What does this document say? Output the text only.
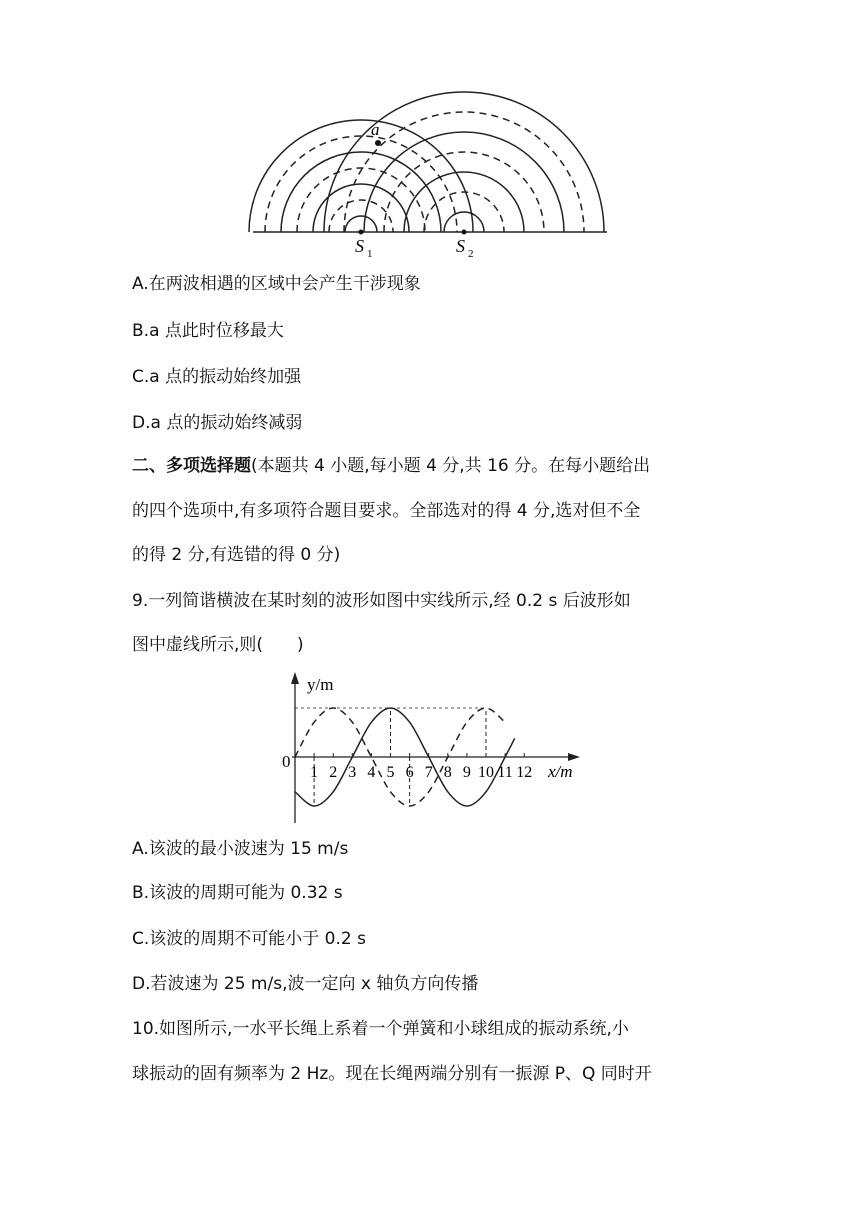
a
S 1	S 2
A.在两波相遇的区域中会产生干涉现象
B.a 点此时位移最大
C.a 点的振动始终加强
D.a 点的振动始终减弱
二、多项选择题(本题共 4 小题,每小题 4 分,共 16 分。在每小题给出
的四个选项中,有多项符合题目要求。全部选对的得 4 分,选对但不全
的得 2 分,有选错的得 0 分)
9.一列简谐横波在某时刻的波形如图中实线所示,经 0.2 s 后波形如
图中虚线所示,则(　　)
1 2 3 4 5 6 7 8 9 10 11 12
y/m
x/m
0
A.该波的最小波速为 15 m/s
B.该波的周期可能为 0.32 s
C.该波的周期不可能小于 0.2 s
D.若波速为 25 m/s,波一定向 x 轴负方向传播
10.如图所示,一水平长绳上系着一个弹簧和小球组成的振动系统,小
球振动的固有频率为 2 Hz。现在长绳两端分别有一振源 P、Q 同时开
